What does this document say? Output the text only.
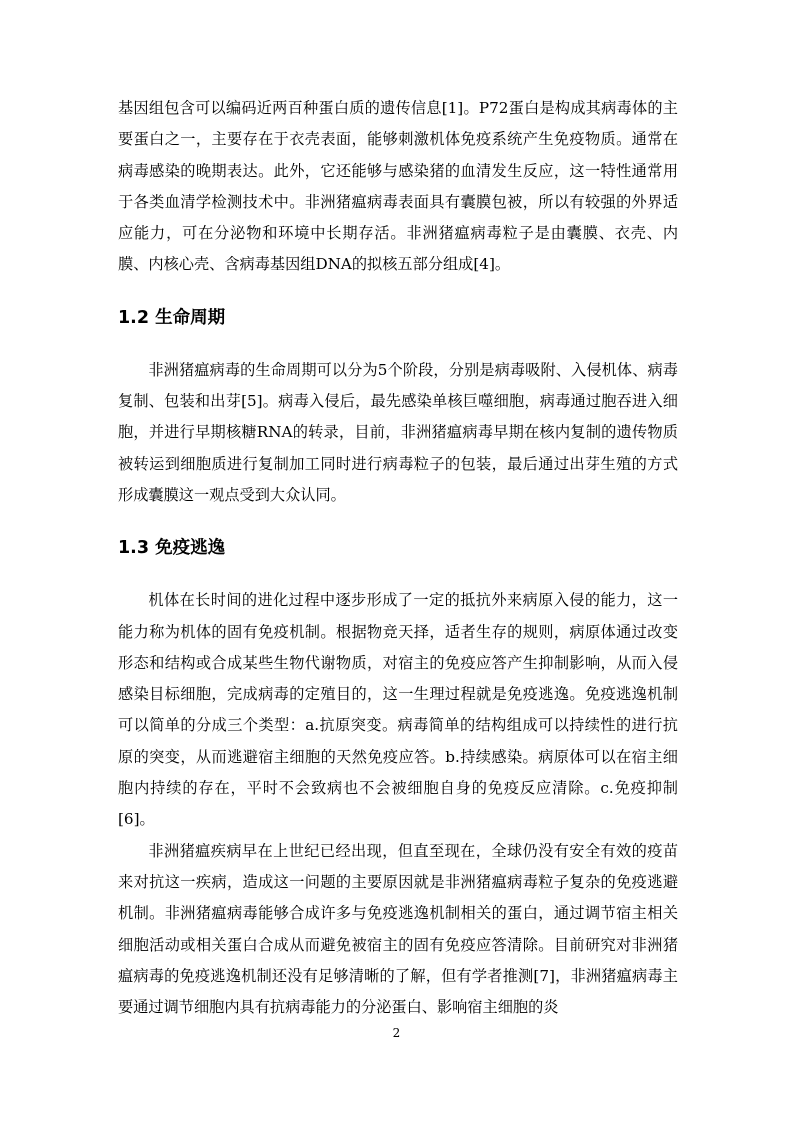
基因组包含可以编码近两百种蛋白质的遗传信息[1]。P72蛋白是构成其病毒体的主要蛋白之一，主要存在于衣壳表面，能够刺激机体免疫系统产生免疫物质。通常在病毒感染的晚期表达。此外，它还能够与感染猪的血清发生反应，这一特性通常用于各类血清学检测技术中。非洲猪瘟病毒表面具有囊膜包被，所以有较强的外界适应能力，可在分泌物和环境中长期存活。非洲猪瘟病毒粒子是由囊膜、衣壳、内膜、内核心壳、含病毒基因组DNA的拟核五部分组成[4]。

1.2 生命周期

非洲猪瘟病毒的生命周期可以分为5个阶段，分别是病毒吸附、入侵机体、病毒复制、包装和出芽[5]。病毒入侵后，最先感染单核巨噬细胞，病毒通过胞吞进入细胞，并进行早期核糖RNA的转录，目前，非洲猪瘟病毒早期在核内复制的遗传物质被转运到细胞质进行复制加工同时进行病毒粒子的包装，最后通过出芽生殖的方式形成囊膜这一观点受到大众认同。

1.3 免疫逃逸

机体在长时间的进化过程中逐步形成了一定的抵抗外来病原入侵的能力，这一能力称为机体的固有免疫机制。根据物竞天择，适者生存的规则，病原体通过改变形态和结构或合成某些生物代谢物质，对宿主的免疫应答产生抑制影响，从而入侵感染目标细胞，完成病毒的定殖目的，这一生理过程就是免疫逃逸。免疫逃逸机制可以简单的分成三个类型：a.抗原突变。病毒简单的结构组成可以持续性的进行抗原的突变，从而逃避宿主细胞的天然免疫应答。b.持续感染。病原体可以在宿主细胞内持续的存在，平时不会致病也不会被细胞自身的免疫反应清除。c.免疫抑制[6]。

非洲猪瘟疾病早在上世纪已经出现，但直至现在，全球仍没有安全有效的疫苗来对抗这一疾病，造成这一问题的主要原因就是非洲猪瘟病毒粒子复杂的免疫逃避机制。非洲猪瘟病毒能够合成许多与免疫逃逸机制相关的蛋白，通过调节宿主相关细胞活动或相关蛋白合成从而避免被宿主的固有免疫应答清除。目前研究对非洲猪瘟病毒的免疫逃逸机制还没有足够清晰的了解，但有学者推测[7]，非洲猪瘟病毒主要通过调节细胞内具有抗病毒能力的分泌蛋白、影响宿主细胞的炎

2
